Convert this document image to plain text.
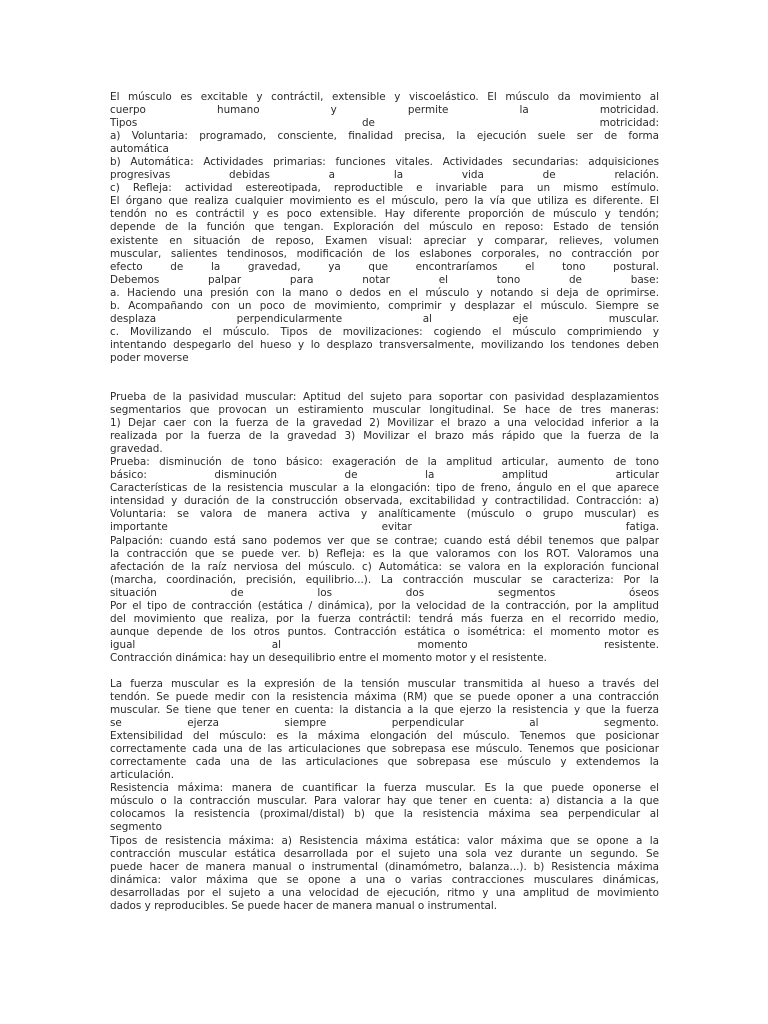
El músculo es excitable y contráctil, extensible y viscoelástico. El músculo da movimiento al
cuerpo humano y permite la motricidad.
Tipos de motricidad:
a) Voluntaria: programado, consciente, finalidad precisa, la ejecución suele ser de forma
automática
b) Automática: Actividades primarias: funciones vitales. Actividades secundarias: adquisiciones
progresivas debidas a la vida de relación.
c) Refleja: actividad estereotipada, reproductible e invariable para un mismo estímulo.
El órgano que realiza cualquier movimiento es el músculo, pero la vía que utiliza es diferente. El
tendón no es contráctil y es poco extensible. Hay diferente proporción de músculo y tendón;
depende de la función que tengan. Exploración del músculo en reposo: Estado de tensión
existente en situación de reposo, Examen visual: apreciar y comparar, relieves, volumen
muscular, salientes tendinosos, modificación de los eslabones corporales, no contracción por
efecto de la gravedad, ya que encontraríamos el tono postural.
Debemos palpar para notar el tono de base:
a. Haciendo una presión con la mano o dedos en el músculo y notando si deja de oprimirse.
b. Acompañando con un poco de movimiento, comprimir y desplazar el músculo. Siempre se
desplaza perpendicularmente al eje muscular.
c. Movilizando el músculo. Tipos de movilizaciones: cogiendo el músculo comprimiendo y
intentando despegarlo del hueso y lo desplazo transversalmente, movilizando los tendones deben
poder moverse
Prueba de la pasividad muscular: Aptitud del sujeto para soportar con pasividad desplazamientos
segmentarios que provocan un estiramiento muscular longitudinal. Se hace de tres maneras:
1) Dejar caer con la fuerza de la gravedad 2) Movilizar el brazo a una velocidad inferior a la
realizada por la fuerza de la gravedad 3) Movilizar el brazo más rápido que la fuerza de la
gravedad.
Prueba: disminución de tono básico: exageración de la amplitud articular, aumento de tono
básico: disminución de la amplitud articular
Características de la resistencia muscular a la elongación: tipo de freno, ángulo en el que aparece
intensidad y duración de la construcción observada, excitabilidad y contractilidad. Contracción: a)
Voluntaria: se valora de manera activa y analíticamente (músculo o grupo muscular) es
importante evitar fatiga.
Palpación: cuando está sano podemos ver que se contrae; cuando está débil tenemos que palpar
la contracción que se puede ver. b) Refleja: es la que valoramos con los ROT. Valoramos una
afectación de la raíz nerviosa del músculo. c) Automática: se valora en la exploración funcional
(marcha, coordinación, precisión, equilibrio...). La contracción muscular se caracteriza: Por la
situación de los dos segmentos óseos
Por el tipo de contracción (estática / dinámica), por la velocidad de la contracción, por la amplitud
del movimiento que realiza, por la fuerza contráctil: tendrá más fuerza en el recorrido medio,
aunque depende de los otros puntos. Contracción estática o isométrica: el momento motor es
igual al momento resistente.
Contracción dinámica: hay un desequilibrio entre el momento motor y el resistente.
La fuerza muscular es la expresión de la tensión muscular transmitida al hueso a través del
tendón. Se puede medir con la resistencia máxima (RM) que se puede oponer a una contracción
muscular. Se tiene que tener en cuenta: la distancia a la que ejerzo la resistencia y que la fuerza
se ejerza siempre perpendicular al segmento.
Extensibilidad del músculo: es la máxima elongación del músculo. Tenemos que posicionar
correctamente cada una de las articulaciones que sobrepasa ese músculo. Tenemos que posicionar
correctamente cada una de las articulaciones que sobrepasa ese músculo y extendemos la
articulación.
Resistencia máxima: manera de cuantificar la fuerza muscular. Es la que puede oponerse el
músculo o la contracción muscular. Para valorar hay que tener en cuenta: a) distancia a la que
colocamos la resistencia (proximal/distal) b) que la resistencia máxima sea perpendicular al
segmento
Tipos de resistencia máxima: a) Resistencia máxima estática: valor máxima que se opone a la
contracción muscular estática desarrollada por el sujeto una sola vez durante un segundo. Se
puede hacer de manera manual o instrumental (dinamómetro, balanza...). b) Resistencia máxima
dinámica: valor máxima que se opone a una o varias contracciones musculares dinámicas,
desarrolladas por el sujeto a una velocidad de ejecución, ritmo y una amplitud de movimiento
dados y reproducibles. Se puede hacer de manera manual o instrumental.
